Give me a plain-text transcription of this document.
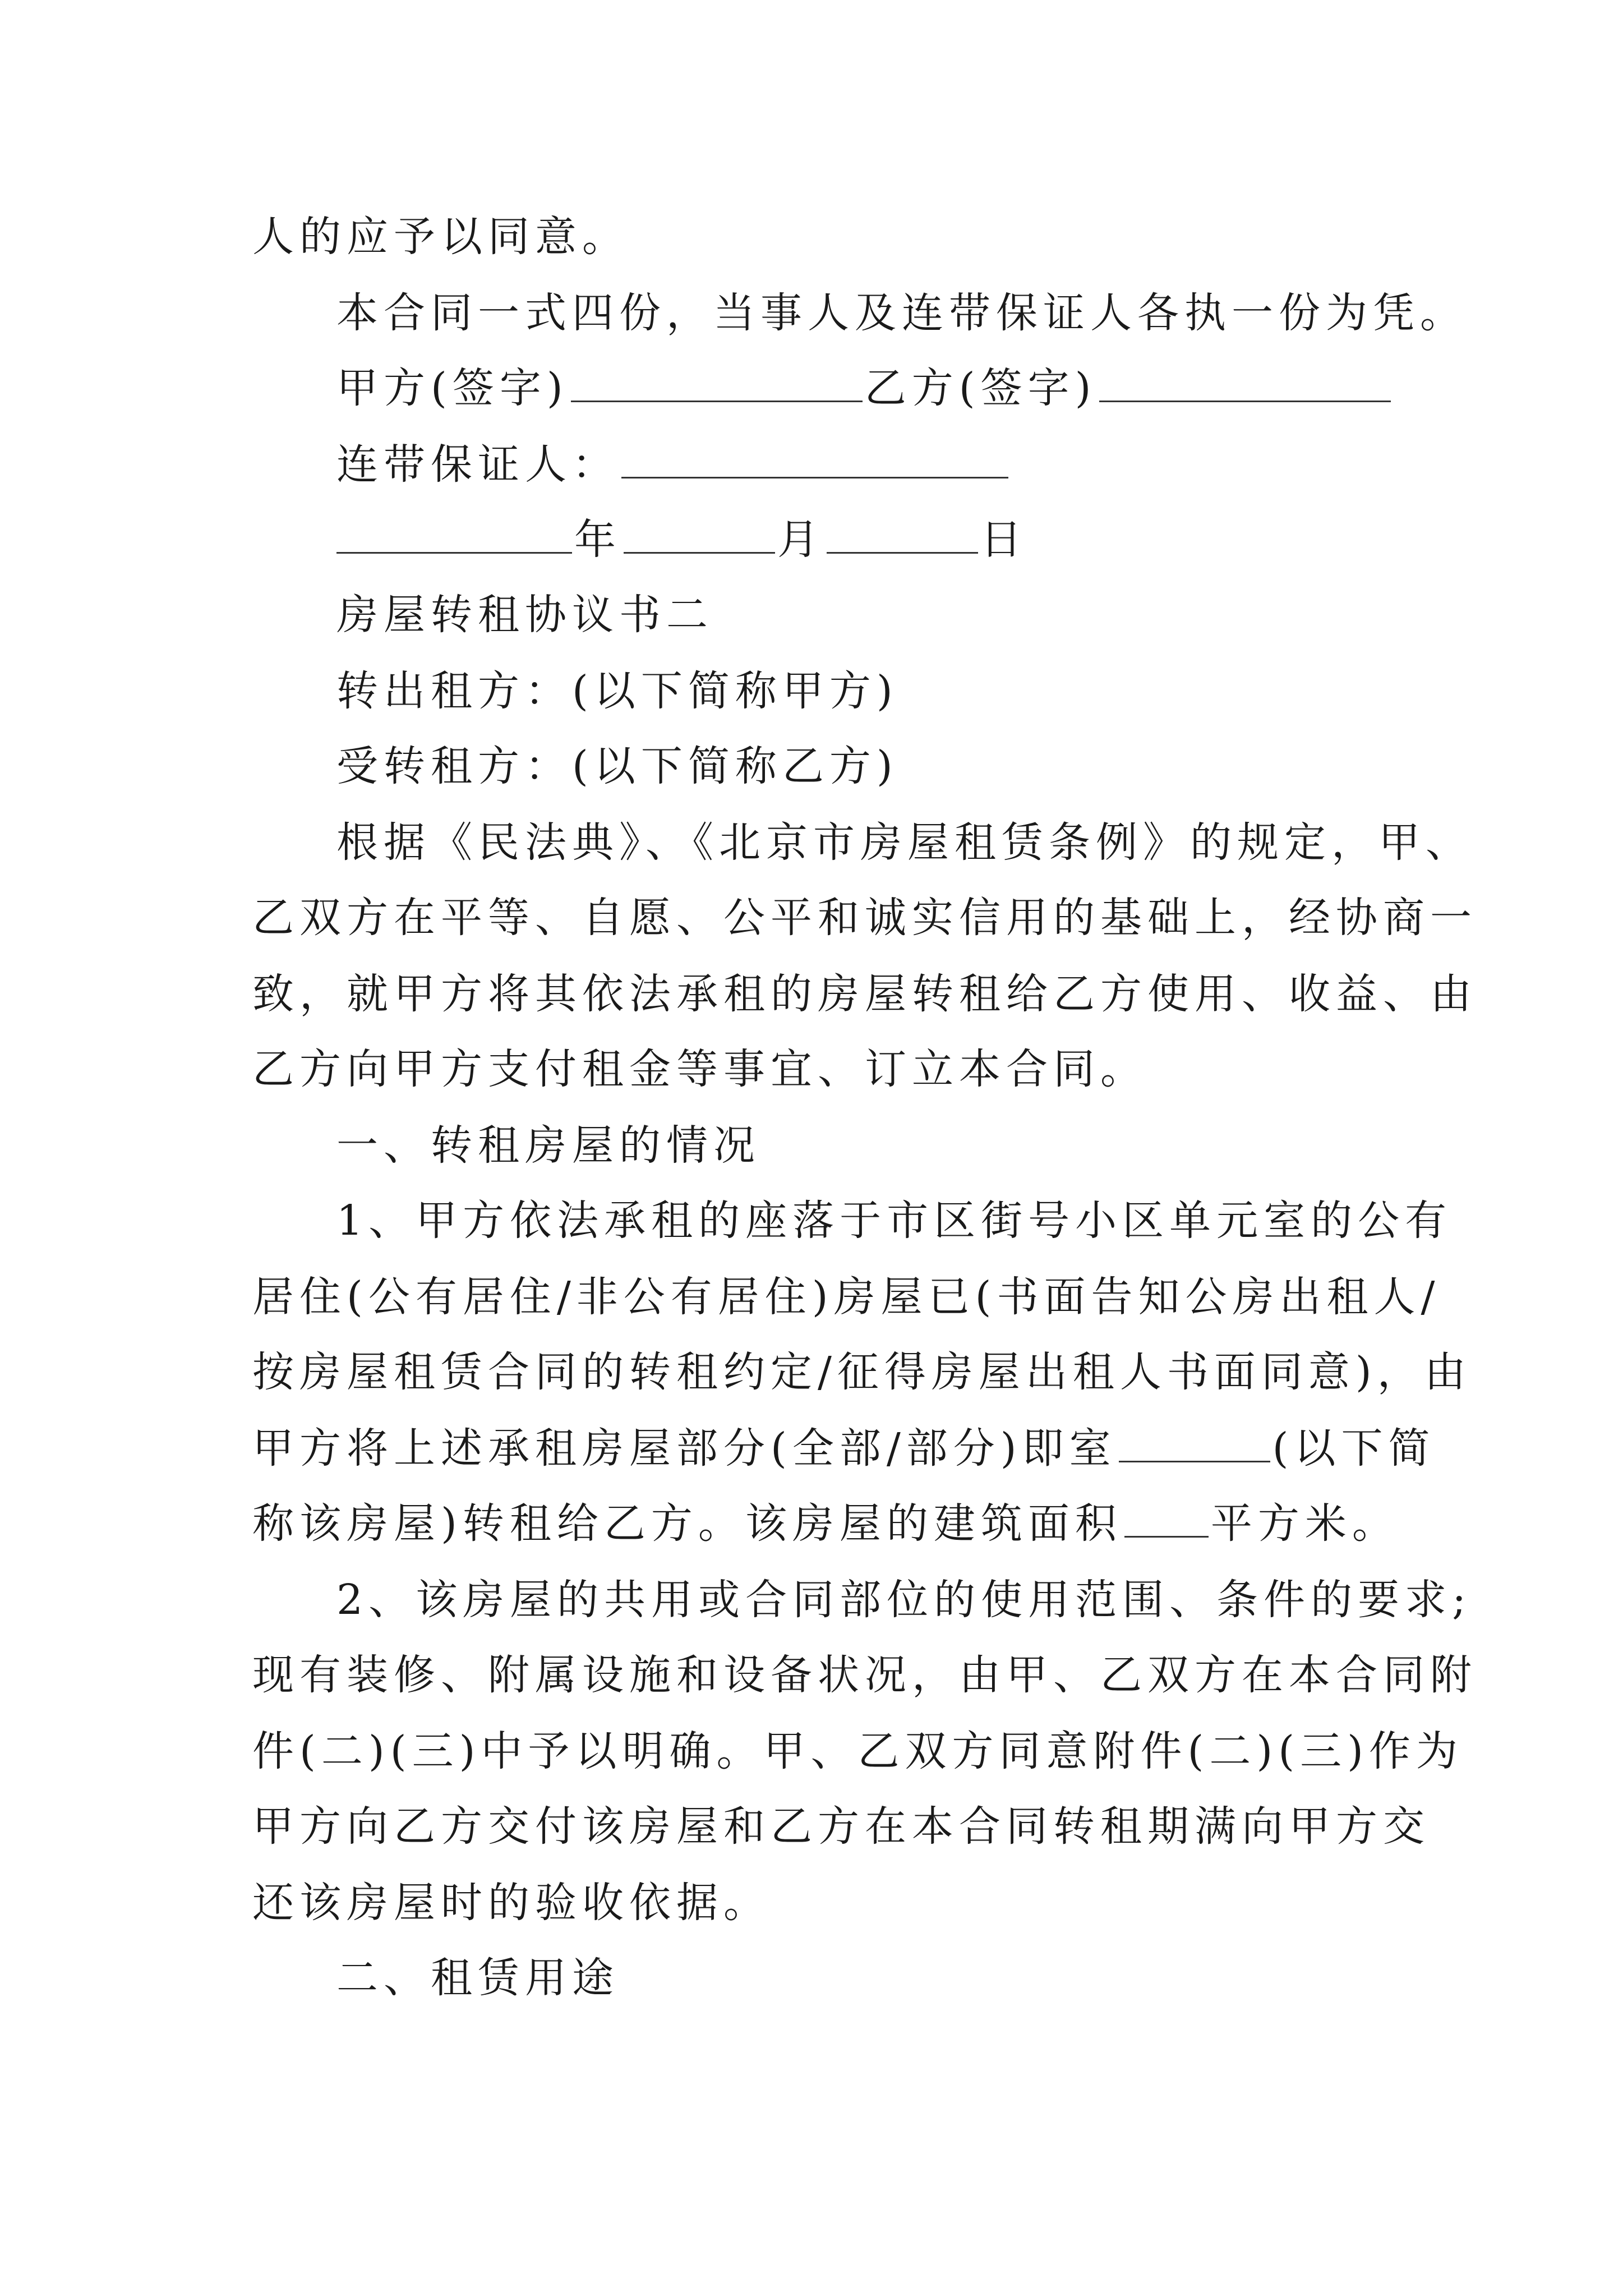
人的应予以同意。
本合同一式四份，当事人及连带保证人各执一份为凭。
甲方(签字)	乙方(签字)
连带保证人：
年	月	日
房屋转租协议书二
转出租方：(以下简称甲方)
受转租方：(以下简称乙方)
根据《民法典》、《北京市房屋租赁条例》的规定，甲、
乙双方在平等、自愿、公平和诚实信用的基础上，经协商一
致，就甲方将其依法承租的房屋转租给乙方使用、收益、由
乙方向甲方支付租金等事宜、订立本合同。
一、转租房屋的情况
1、甲方依法承租的座落于市区街号小区单元室的公有
居住(公有居住/非公有居住)房屋已(书面告知公房出租人/
按房屋租赁合同的转租约定/征得房屋出租人书面同意)，由
甲方将上述承租房屋部分(全部/部分)即室	(以下简
称该房屋)转租给乙方。该房屋的建筑面积 平方米。
2、该房屋的共用或合同部位的使用范围、条件的要求;
现有装修、附属设施和设备状况，由甲、乙双方在本合同附
件(二)(三)中予以明确。甲、乙双方同意附件(二)(三)作为
甲方向乙方交付该房屋和乙方在本合同转租期满向甲方交
还该房屋时的验收依据。
二、租赁用途
